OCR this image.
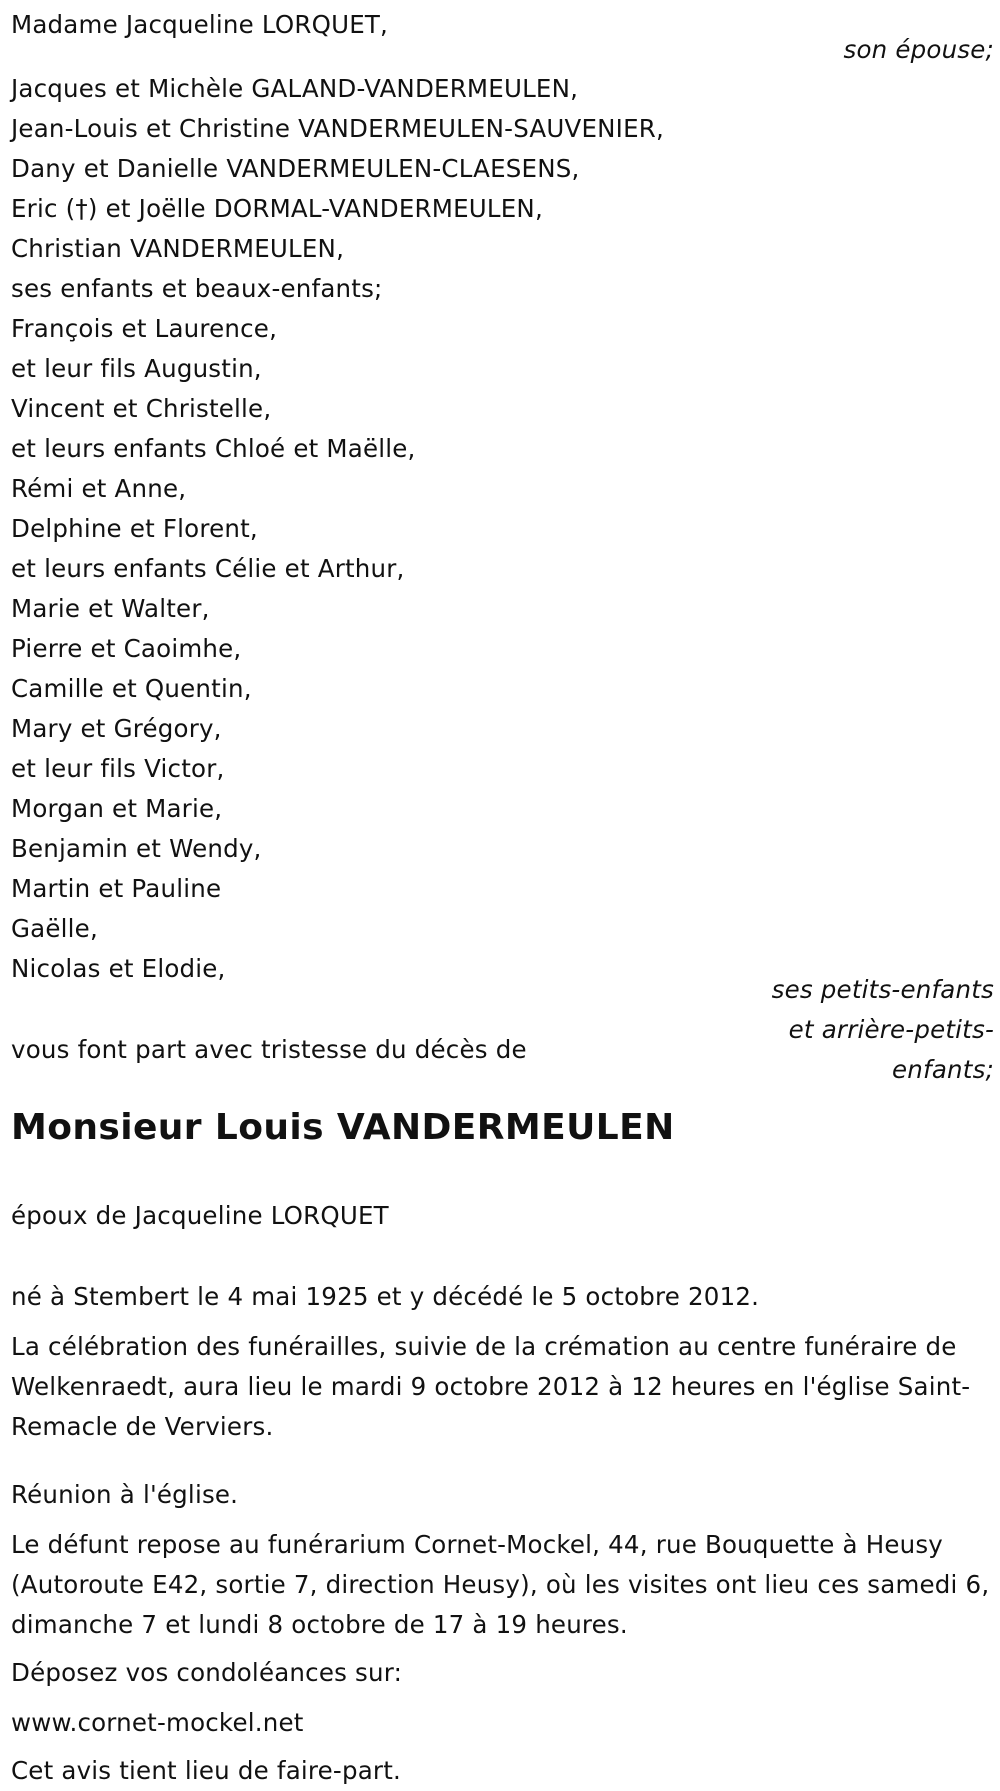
Madame Jacqueline LORQUET,
son épouse;
Jacques et Michèle GALAND-VANDERMEULEN,
Jean-Louis et Christine VANDERMEULEN-SAUVENIER,
Dany et Danielle VANDERMEULEN-CLAESENS,
Eric (†) et Joëlle DORMAL-VANDERMEULEN,
Christian VANDERMEULEN,
ses enfants et beaux-enfants;
François et Laurence,
et leur fils Augustin,
Vincent et Christelle,
et leurs enfants Chloé et Maëlle,
Rémi et Anne,
Delphine et Florent,
et leurs enfants Célie et Arthur,
Marie et Walter,
Pierre et Caoimhe,
Camille et Quentin,
Mary et Grégory,
et leur fils Victor,
Morgan et Marie,
Benjamin et Wendy,
Martin et Pauline
Gaëlle,
Nicolas et Elodie,
ses petits-enfants
et arrière-petits-
enfants;
vous font part avec tristesse du décès de
Monsieur Louis VANDERMEULEN
époux de Jacqueline LORQUET
né à Stembert le 4 mai 1925 et y décédé le 5 octobre 2012.

La célébration des funérailles, suivie de la crémation au centre funéraire de Welkenraedt, aura lieu le mardi 9 octobre 2012 à 12 heures en l'église Saint-Remacle de Verviers.

Réunion à l'église.

Le défunt repose au funérarium Cornet-Mockel, 44, rue Bouquette à Heusy (Autoroute E42, sortie 7, direction Heusy), où les visites ont lieu ces samedi 6, dimanche 7 et lundi 8 octobre de 17 à 19 heures.

Déposez vos condoléances sur:

www.cornet-mockel.net

Cet avis tient lieu de faire-part.
